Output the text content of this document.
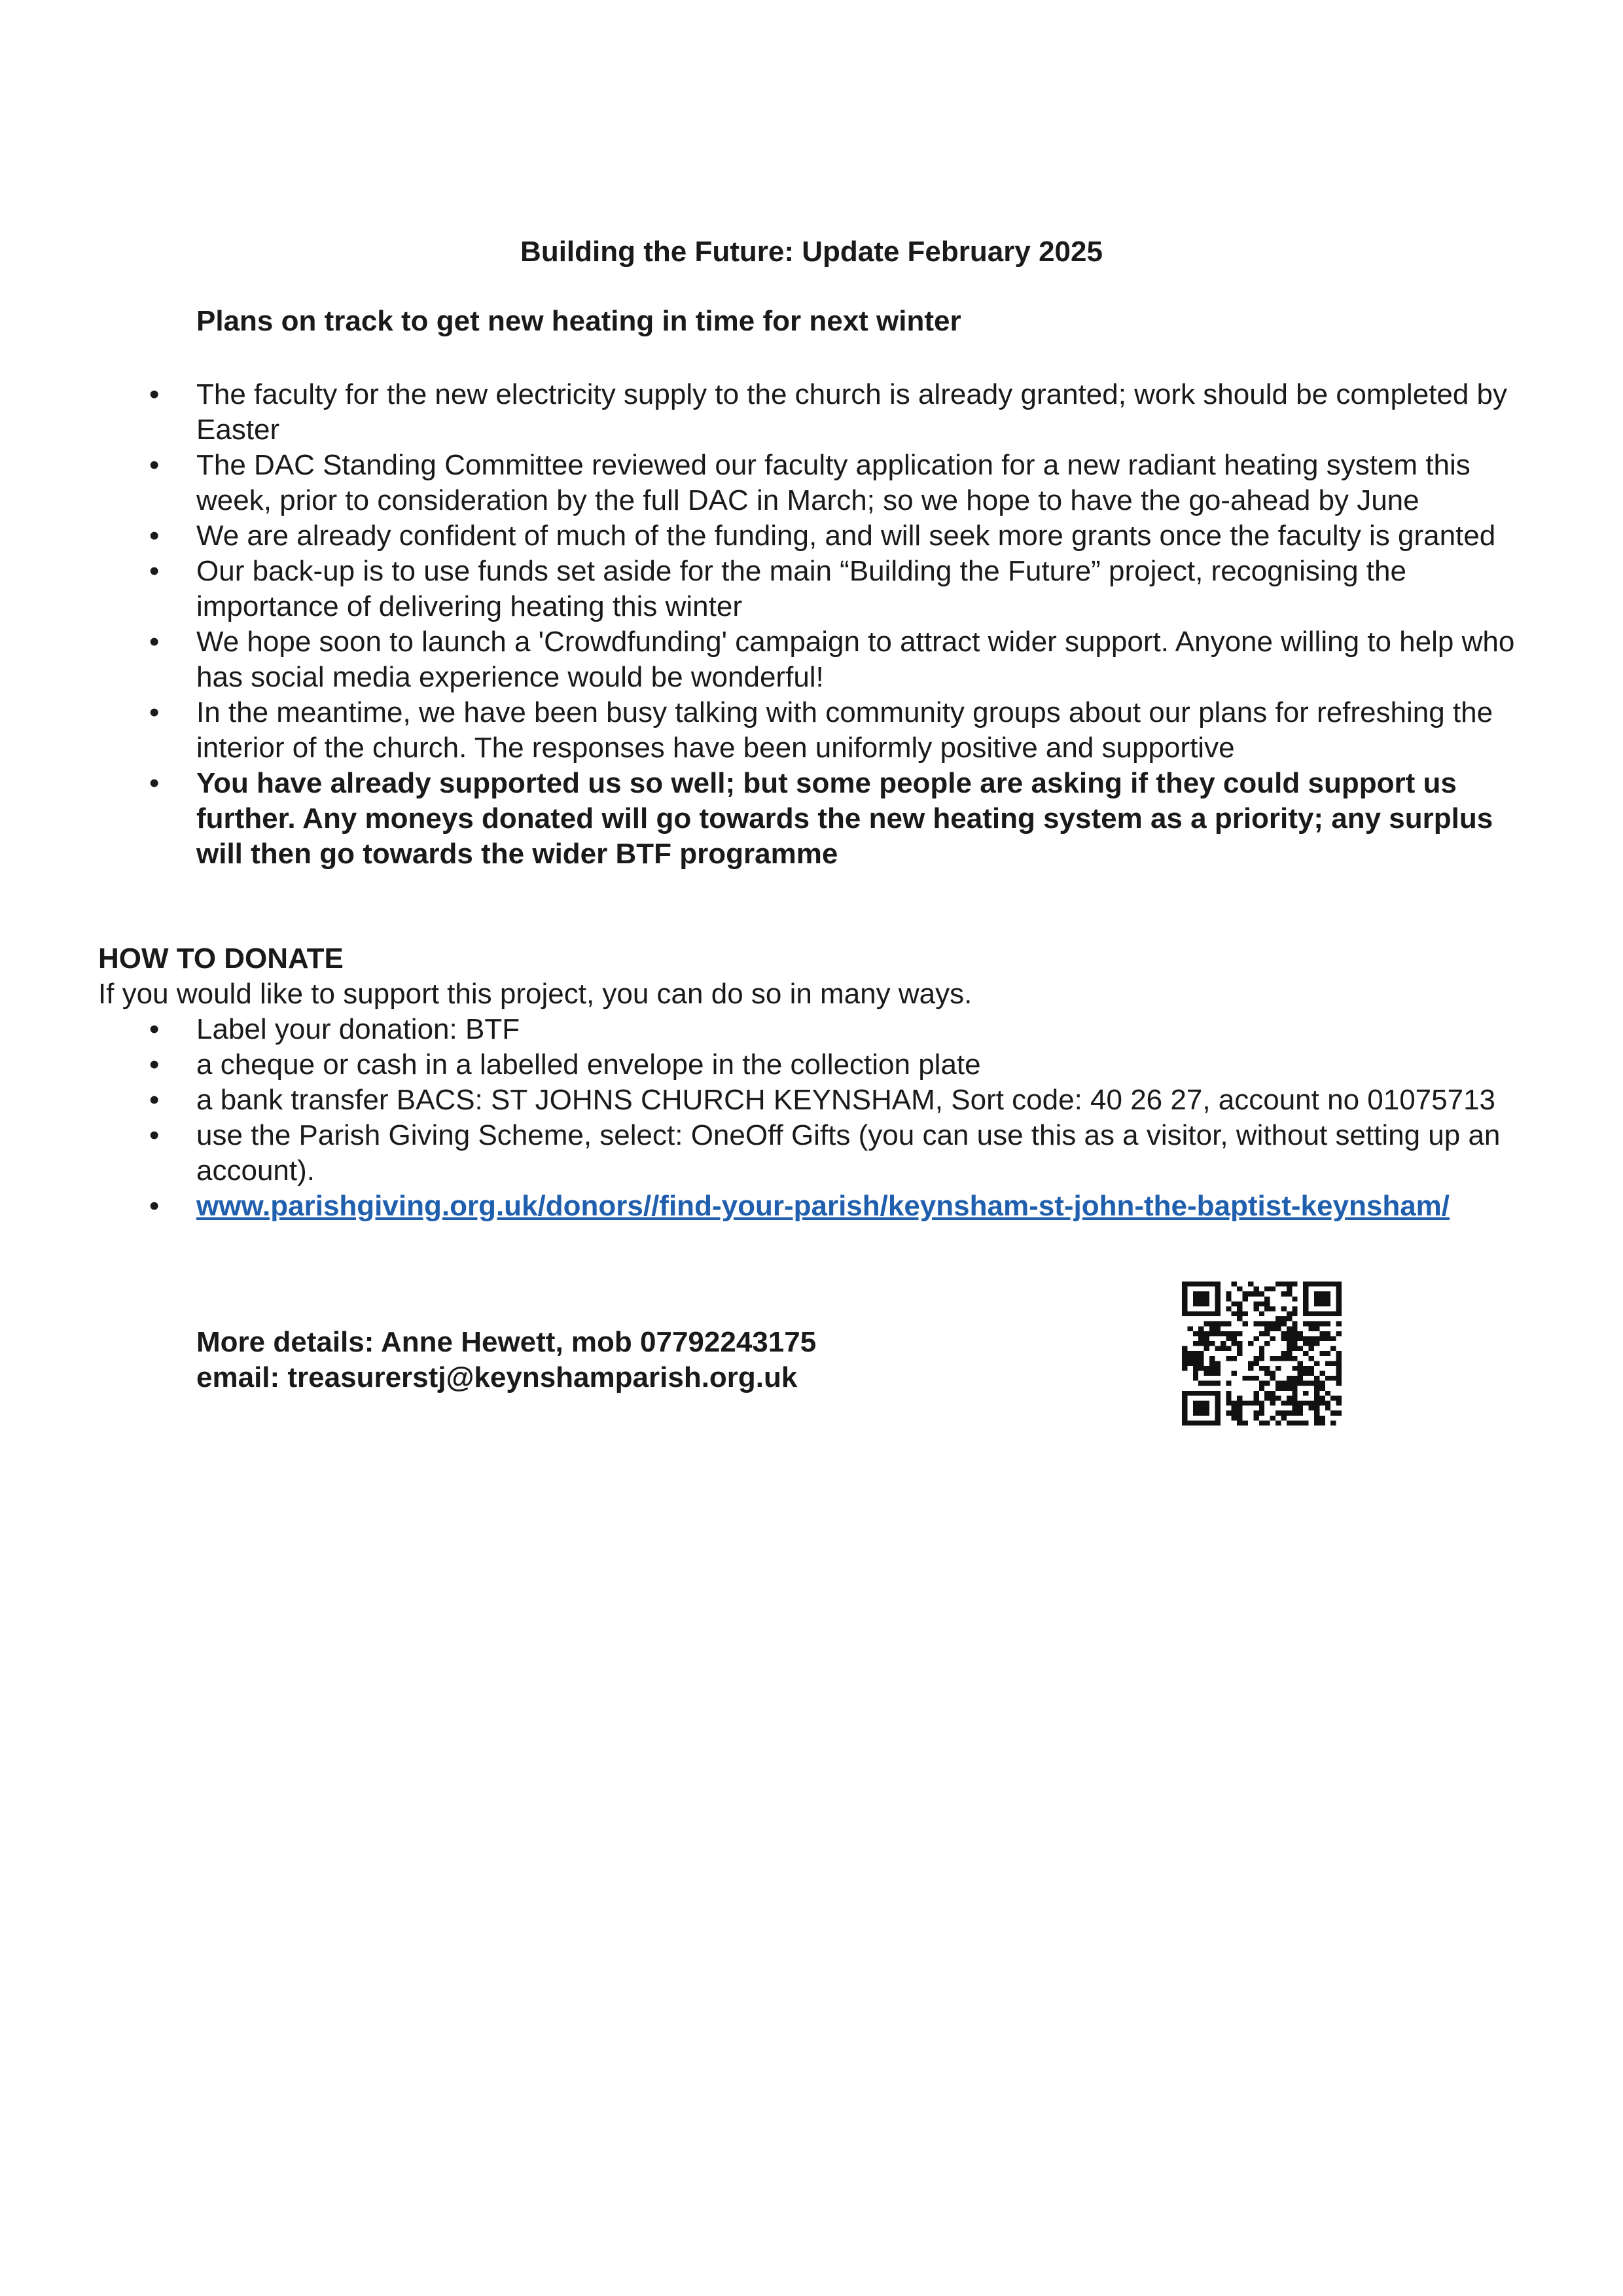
Building the Future: Update February 2025
Plans on track to get new heating in time for next winter
• The faculty for the new electricity supply to the church is already granted; work should be completed by Easter
• The DAC Standing Committee reviewed our faculty application for a new radiant heating system this week, prior to consideration by the full DAC in March; so we hope to have the go-ahead by June
• We are already confident of much of the funding, and will seek more grants once the faculty is granted
• Our back-up is to use funds set aside for the main “Building the Future” project, recognising the importance of delivering heating this winter
• We hope soon to launch a 'Crowdfunding' campaign to attract wider support. Anyone willing to help who has social media experience would be wonderful!
• In the meantime, we have been busy talking with community groups about our plans for refreshing the interior of the church. The responses have been uniformly positive and supportive
• You have already supported us so well; but some people are asking if they could support us further. Any moneys donated will go towards the new heating system as a priority; any surplus will then go towards the wider BTF programme
HOW TO DONATE

If you would like to support this project, you can do so in many ways.

• Label your donation: BTF
• a cheque or cash in a labelled envelope in the collection plate
• a bank transfer BACS: ST JOHNS CHURCH KEYNSHAM, Sort code: 40 26 27, account no 01075713
• use the Parish Giving Scheme, select: OneOff Gifts (you can use this as a visitor, without setting up an account).
• www.parishgiving.org.uk/donors//find-your-parish/keynsham-st-john-the-baptist-keynsham/
More details: Anne Hewett, mob 07792243175
email: treasurerstj@keynshamparish.org.uk
